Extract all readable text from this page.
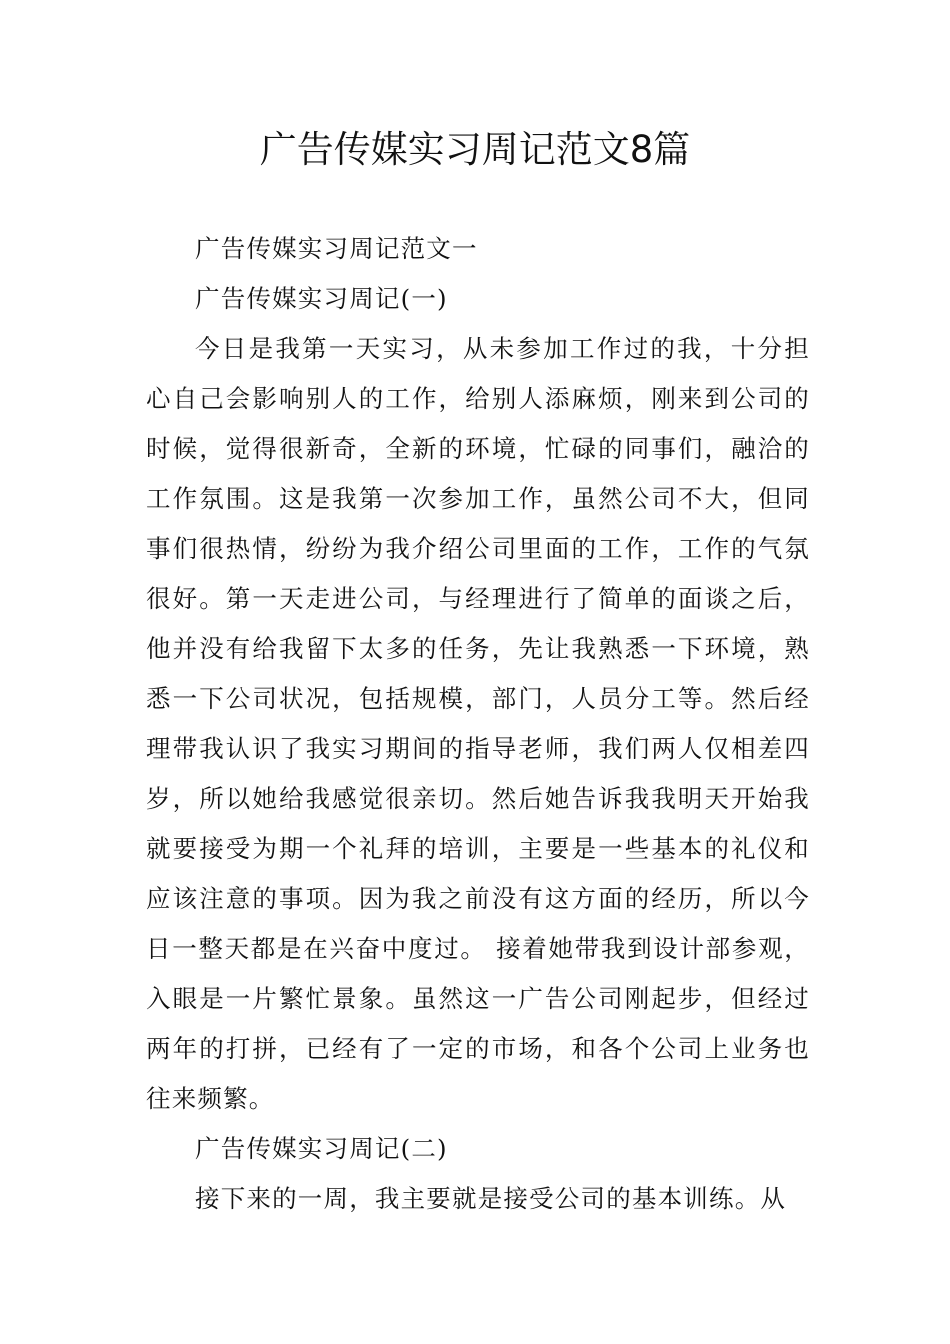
广告传媒实习周记范文8篇

广告传媒实习周记范文一

广告传媒实习周记(一)

今日是我第一天实习，从未参加工作过的我，十分担心自己会影响别人的工作，给别人添麻烦，刚来到公司的时候，觉得很新奇，全新的环境，忙碌的同事们，融洽的工作氛围。这是我第一次参加工作，虽然公司不大，但同事们很热情，纷纷为我介绍公司里面的工作，工作的气氛很好。第一天走进公司，与经理进行了简单的面谈之后，他并没有给我留下太多的任务，先让我熟悉一下环境，熟悉一下公司状况，包括规模，部门，人员分工等。然后经理带我认识了我实习期间的指导老师，我们两人仅相差四岁，所以她给我感觉很亲切。然后她告诉我我明天开始我就要接受为期一个礼拜的培训，主要是一些基本的礼仪和应该注意的事项。因为我之前没有这方面的经历，所以今日一整天都是在兴奋中度过。 接着她带我到设计部参观，入眼是一片繁忙景象。虽然这一广告公司刚起步，但经过两年的打拼，已经有了一定的市场，和各个公司上业务也往来频繁。

广告传媒实习周记(二)

接下来的一周，我主要就是接受公司的基本训练。从
